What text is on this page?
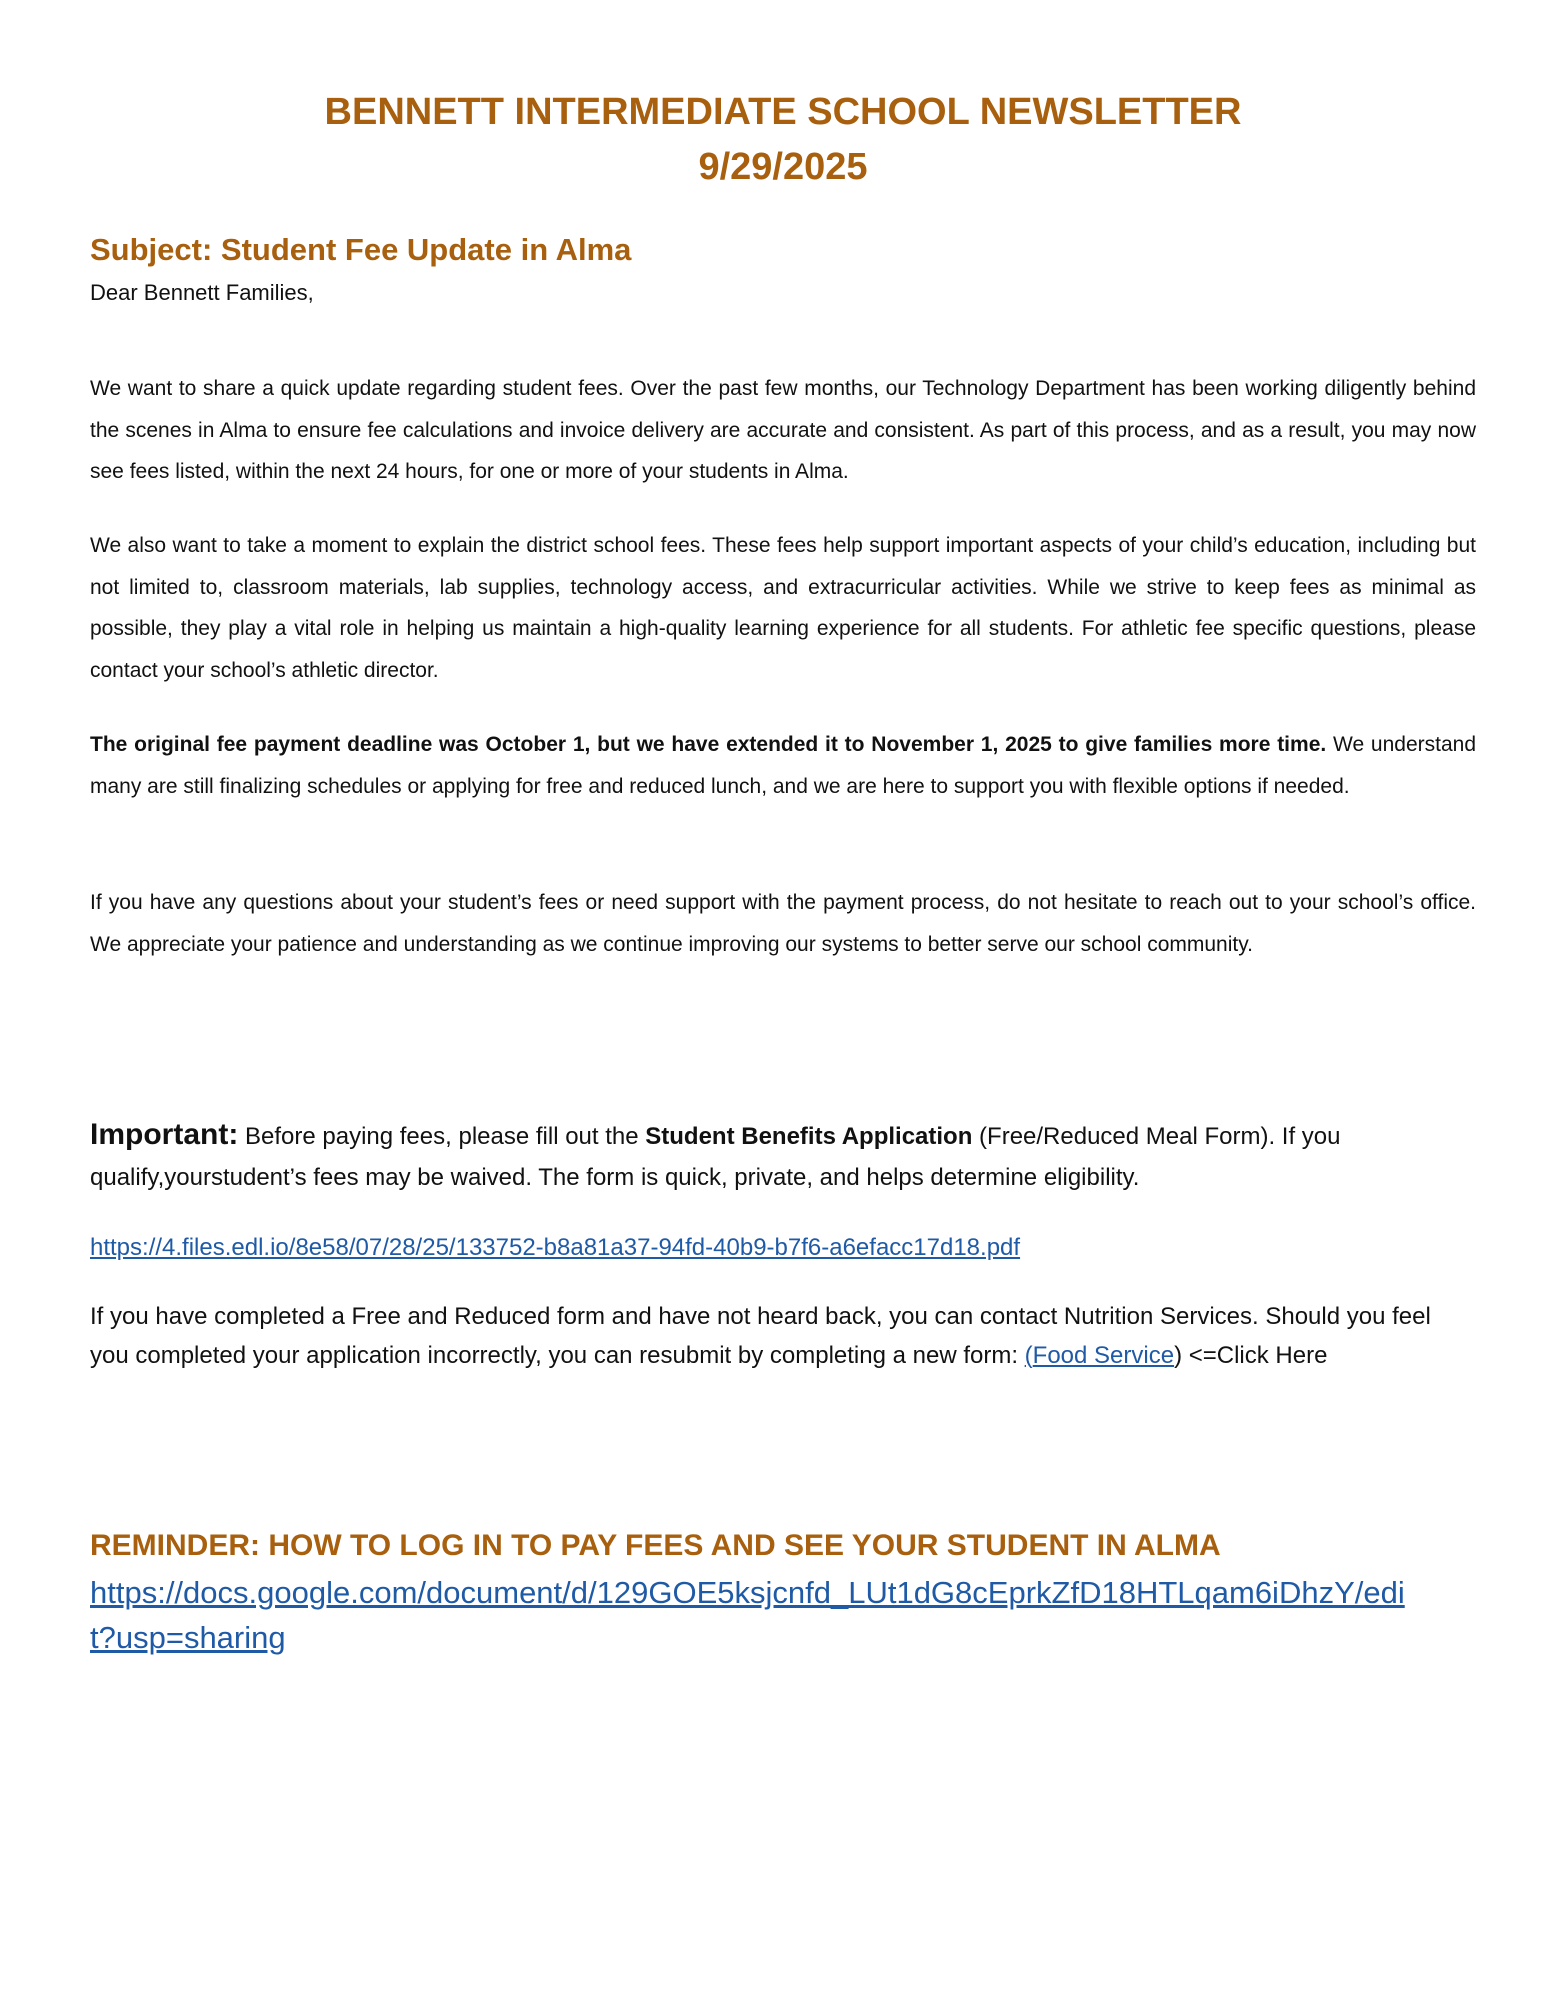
BENNETT INTERMEDIATE SCHOOL NEWSLETTER
9/29/2025
Subject: Student Fee Update in Alma
Dear Bennett Families,

We want to share a quick update regarding student fees. Over the past few months, our Technology Department has been working diligently behind the scenes in Alma to ensure fee calculations and invoice delivery are accurate and consistent. As part of this process, and as a result, you may now see fees listed, within the next 24 hours, for one or more of your students in Alma.

We also want to take a moment to explain the district school fees. These fees help support important aspects of your child’s education, including but not limited to, classroom materials, lab supplies, technology access, and extracurricular activities. While we strive to keep fees as minimal as possible, they play a vital role in helping us maintain a high-quality learning experience for all students. For athletic fee specific questions, please contact your school’s athletic director.

The original fee payment deadline was October 1, but we have extended it to November 1, 2025 to give families more time. We understand many are still finalizing schedules or applying for free and reduced lunch, and we are here to support you with flexible options if needed.

If you have any questions about your student’s fees or need support with the payment process, do not hesitate to reach out to your school’s office. We appreciate your patience and understanding as we continue improving our systems to better serve our school community.

Important: Before paying fees, please fill out the Student Benefits Application (Free/Reduced Meal Form). If you qualify,yourstudent’s fees may be waived. The form is quick, private, and helps determine eligibility.
https://4.files.edl.io/8e58/07/28/25/133752-b8a81a37-94fd-40b9-b7f6-a6efacc17d18.pdf
If you have completed a Free and Reduced form and have not heard back, you can contact Nutrition Services. Should you feel you completed your application incorrectly, you can resubmit by completing a new form: (Food Service) <=Click Here
REMINDER: HOW TO LOG IN TO PAY FEES AND SEE YOUR STUDENT IN ALMA
https://docs.google.com/document/d/129GOE5ksjcnfd_LUt1dG8cEprkZfD18HTLqam6iDhzY/edit?usp=sharing
